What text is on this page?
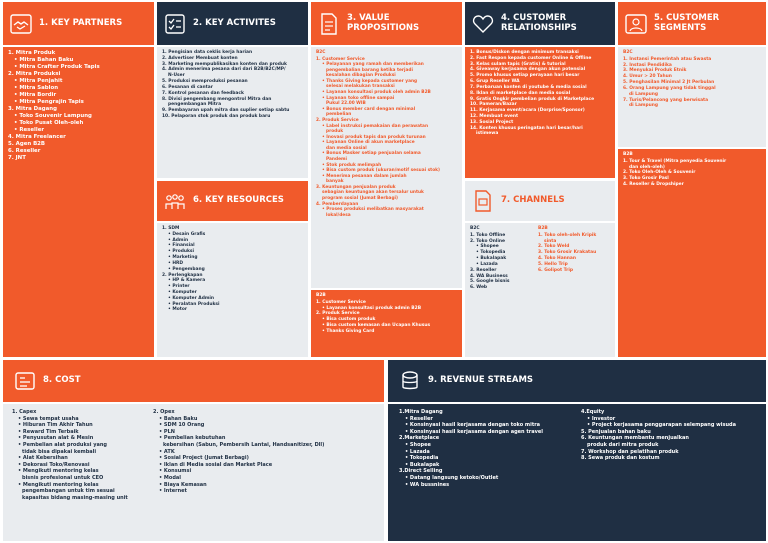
1. KEY PARTNERS
1. Mitra Produk
• Mitra Bahan Baku
• Mitra Crafter Produk Tapis
2. Mitra Produksi
• Mitra Penjahit
• Mitra Sablon
• Mitra Bordir
• Mitra Pengrajin Tapis
3. Mitra Dagang
• Toko Souvenir Lampung
• Toko Pusat Oleh-oleh
• Reseller
4. Mitra Freelancer
5. Agen B2B
6. Reseller
7. JNT
2. KEY ACTIVITES
1. Pengisian data ceklis kerja harian
2. Advertiser Membuat konten
3. Marketing mempublikasikan konten dan produk
4. Admin menerima pesana dari dari B2B/B2C/MP/
N-User
5. Produksi memproduksi pesanan
6. Pesanan di cantar
7. Kontrol pesanan dan feedback
8. Divisi pengembang mengontrol Mitra dan
pengembangan Mitra
9. Pembayaran upah mitra dan suplier setiap sabtu
10. Pelaporan stok produk dan produk baru
6. KEY RESOURCES
1. SDM
• Desain Grafis
• Admin
• Finansial
• Produksi
• Marketing
• HRD
• Pengembang
2. Perlengkapan
• HP & Kamera
• Printer
• Komputer
• Komputer Admin
• Peralatan Produksi
• Motor
3. VALUE PROPOSITIONS
B2C
1. Customer Service
• Pelayanan yang ramah dan memberikan
pengembalian barang ketika terjadi
kesalahan dibagian Produksi
• Thanks Giving kepada customer yang
selesai melakukan transaksi
• Layanan konsultasi produk oleh admin B2B
• Layanan toko offline sampai
Pukul 22.00 WIB
• Bonus member card dengan minimal
pembelian
2. Produk Service
• Label instruksi pemakaian dan perawatan
produk
• Inovasi produk tapis dan produk turunan
• Layanan Online di akun marketplace
dan media sosial
• Bonus Masker setiap penjualan selama
Pandemi
• Stok produk melimpah
• Bisa custom produk (ukuran/motif sesuai stok)
• Menerima pesanan dalam jumlah
banyak
3. Keuntungan penjualan produk
sebagian keuntungan akan tersalur untuk
program sosial (Jumat Berbagi)
4. Pemberdayaan
• Proses produksi melibatkan masyarakat
lokal/desa
B2B
1. Customer Service
• Layanan konsultasi produk admin B2B
2. Produk Service
• Bisa custom produk
• Bisa custom kemasan dan Ucapan Khusus
• Thanks Giving Card
4. CUSTOMER RELATIONSHIPS
1. Bonus/Diskon dengan minimum transaksi
2. Fast Respon kepada customer Online & Offline
3. Kelas sulam tapis (Gratis) & tutorial
4. Giveaway kerjasama dengan akun potensial
5. Promo khusus setiap perayaan hari besar
6. Grup Reseller WA
7. Perbaruan konten di youtube & media sosial
8. Iklan di marketplace dan media sosial
9. Gratis Ongkir pembelian produk di Marketplace
10. Pameran/Bazar
11. Kerjasama event/acara (Dorprise/Sponsor)
12. Membuat event
13. Sosial Project
14. Konten khusus peringatan hari besar/hari
istimewa
7. CHANNELS
B2C
1. Toko Offline
2. Toko Online
• Shopee
• Tokopedia
• Bukalapak
• Lazada
3. Reseller
4. WA Business
5. Google bisnis
6. Web
B2B
1. Toko oleh-oleh Kripik
sinta
2. Toko Weld
3. Toko Grosir Krakatau
4. Toko Hannan
5. Hello Trip
6. Golipot Trip
5. CUSTOMER SEGMENTS
B2C
1. Instansi Pemerintah atau Swasta
2. Instasi Pendidika
3. Menyukai Produk Etnik
4. Umur > 20 Tahun
5. Penghasilan Minimal 2 Jt Perbulan
6. Orang Lampung yang tidak tinggal
di Lampung
7. Turis/Pelancong yang berwisata
di Lampung
B2B
1. Tour & Travel (Mitra penyedia Souvenir
dan oleh-oleh)
2. Toko Oleh-Oleh & Souvenir
3. Toko Grosir Pasl
4. Reseller & Dropshiper
8. COST
1. Capex
• Sewa tempat usaha
• Hiburan Tim Akhir Tahun
• Reward Tim Terbaik
• Penyusutan alat & Mesin
• Pembelian alat produksi yang
tidak bisa dipakai kembali
• Alat Kebersihan
• Dekorasi Toko/Renovasi
• Mengikuti mentoring kelas
bisnis profesional untuk CEO
• Mengikuti mentoring kelas
pengembangan untuk tim sesuai
kapasitas bidang masing-masing unit
2. Opex
• Bahan Baku
• SDM 10 Orang
• PLN
• Pembelian kebutuhan
kebersihan (Sabun, Pembersih Lantai, Handsanitizer, Dll)
• ATK
• Sosial Project (Jumat Berbagi)
• Iklan di Media sosial dan Market Place
• Konsumsi
• Modal
• Biaya Kemasan
• Internet
9. REVENUE STREAMS
1.Mitra Dagang
• Reseller
• Konsinyasi hasil kerjasama dengan toko mitra
• Konsinyasi hasil kerjasama dengan agen travel
2.Marketplace
• Shopee
• Lazada
• Tokopedia
• Bukalapak
3.Direct Selling
• Datang langsung ketoko/Outlet
• WA bussnines
4.Equity
• Investor
• Project kerjasama penggarapan selempang wisuda
5. Penjualan bahan baku
6. Keuntungan membantu menjualkan
produk dari mitra produk
7. Workshop dan pelatihan produk
8. Sewa produk dan kostum
